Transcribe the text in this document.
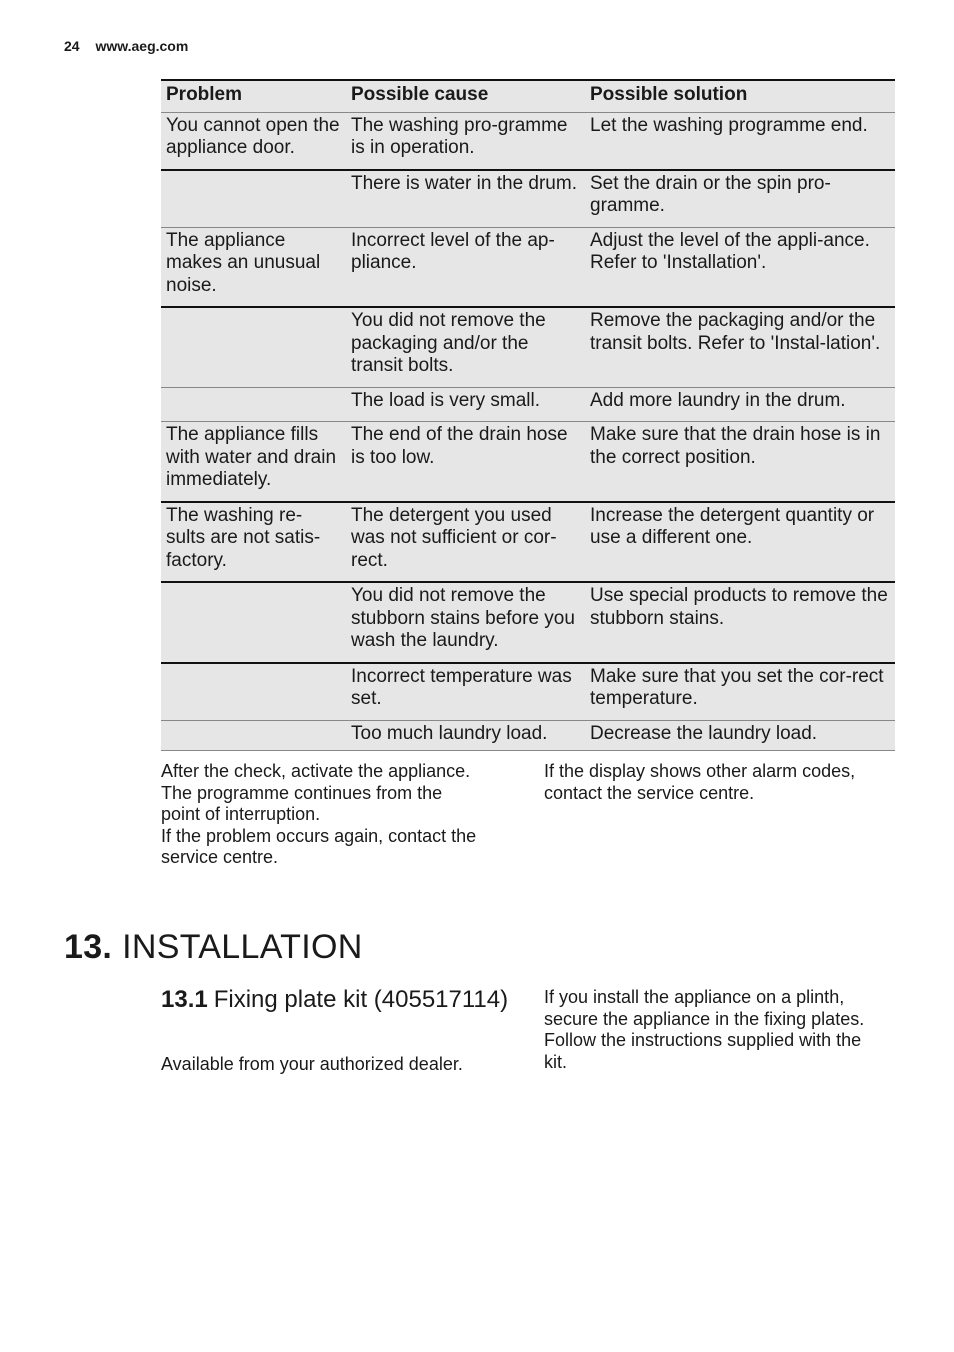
24 www.aeg.com
Problem	Possible cause	Possible solution
You cannot open the appliance door.	The washing pro-gramme is in operation.	Let the washing programme end.
	There is water in the drum.	Set the drain or the spin pro-gramme.
The appliance makes an unusual noise.	Incorrect level of the ap-pliance.	Adjust the level of the appli-ance. Refer to 'Installation'.
	You did not remove the packaging and/or the transit bolts.	Remove the packaging and/or the transit bolts. Refer to 'Instal-lation'.
	The load is very small.	Add more laundry in the drum.
The appliance fills with water and drain immediately.	The end of the drain hose is too low.	Make sure that the drain hose is in the correct position.
The washing re-sults are not satis-factory.	The detergent you used was not sufficient or cor-rect.	Increase the detergent quantity or use a different one.
	You did not remove the stubborn stains before you wash the laundry.	Use special products to remove the stubborn stains.
	Incorrect temperature was set.	Make sure that you set the cor-rect temperature.
	Too much laundry load.	Decrease the laundry load.

After the check, activate the appliance.

The programme continues from the

point of interruption.

If the problem occurs again, contact the

service centre.

If the display shows other alarm codes,

contact the service centre.

13. INSTALLATION
13.1 Fixing plate kit (405517114)

Available from your authorized dealer.

If you install the appliance on a plinth,
secure the appliance in the fixing plates.
Follow the instructions supplied with the
kit.
